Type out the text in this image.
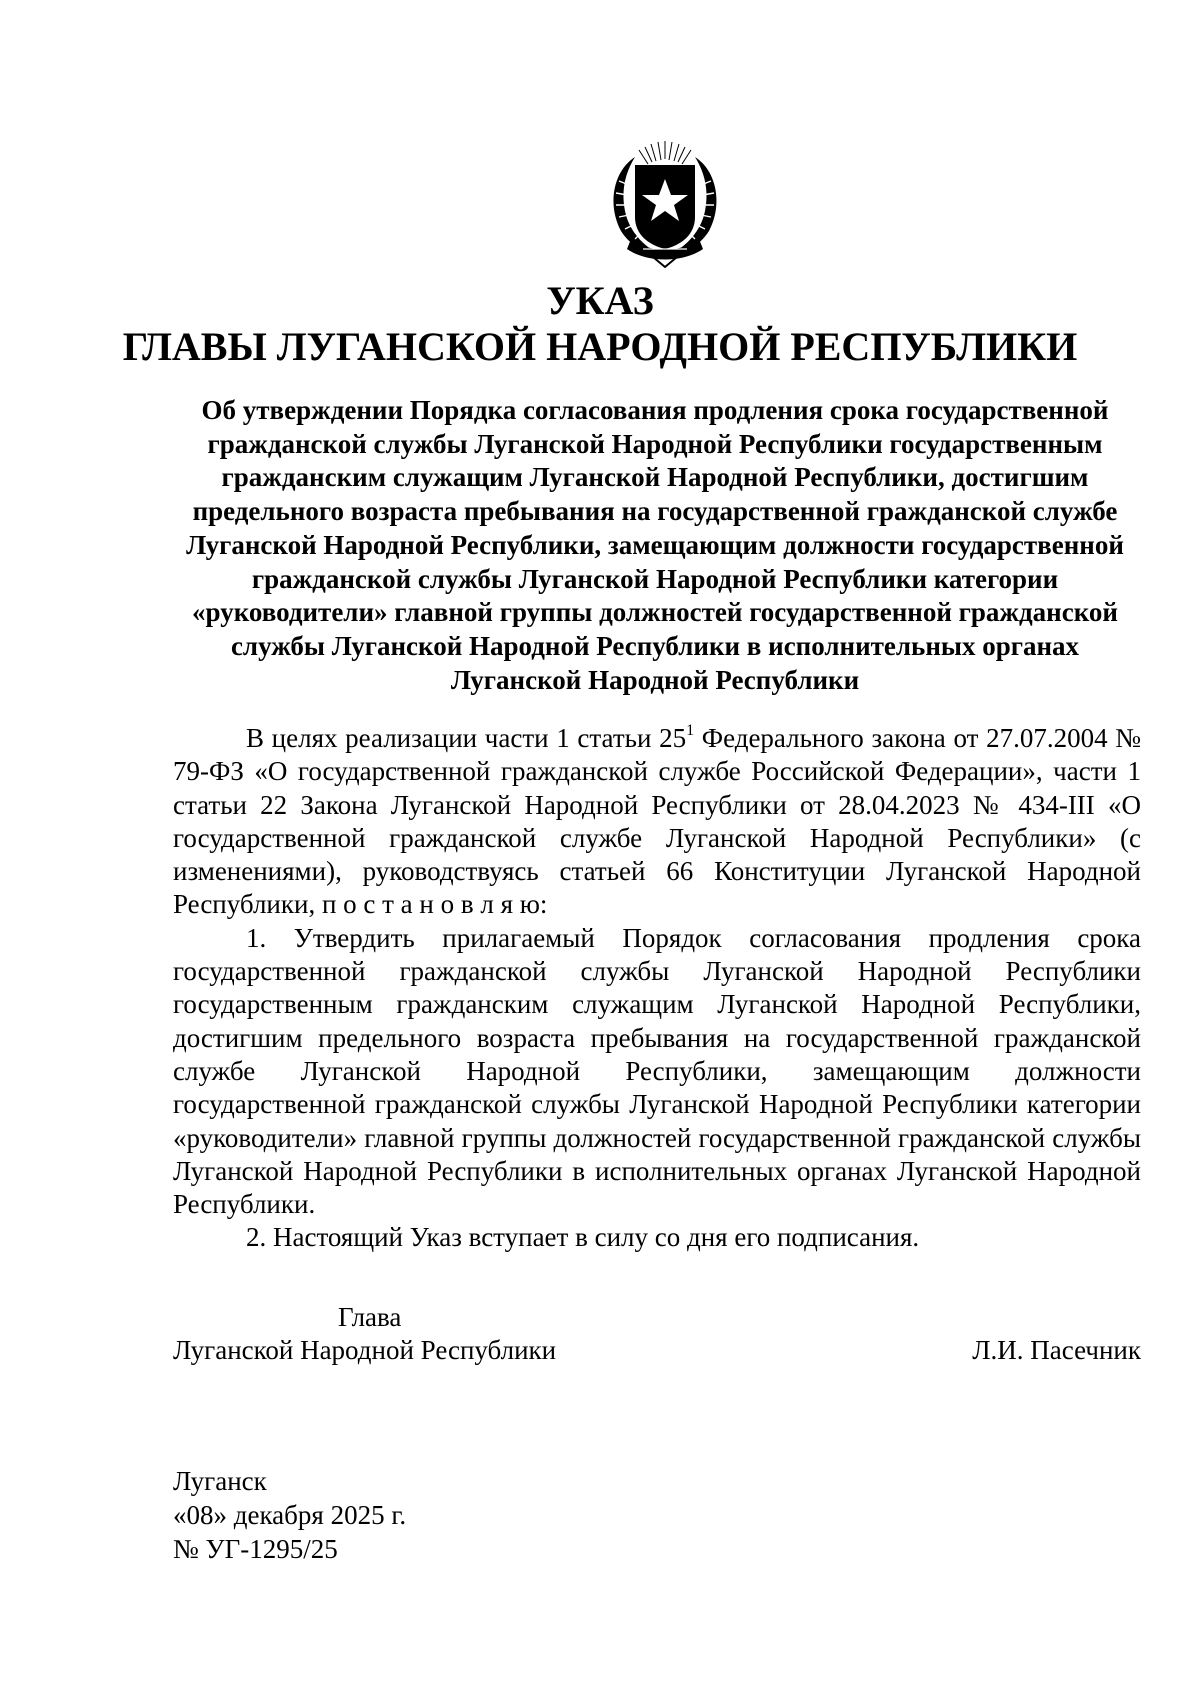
УКАЗ
ГЛАВЫ ЛУГАНСКОЙ НАРОДНОЙ РЕСПУБЛИКИ
Об утверждении Порядка согласования продления срока государственной гражданской службы Луганской Народной Республики государственным гражданским служащим Луганской Народной Республики, достигшим предельного возраста пребывания на государственной гражданской службе Луганской Народной Республики, замещающим должности государственной гражданской службы Луганской Народной Республики категории «руководители» главной группы должностей государственной гражданской службы Луганской Народной Республики в исполнительных органах Луганской Народной Республики

В целях реализации части 1 статьи $25^1$ Федерального закона от 27.07.2004 № 79-ФЗ «О государственной гражданской службе Российской Федерации», части 1 статьи 22 Закона Луганской Народной Республики от 28.04.2023 № 434-III «О государственной гражданской службе Луганской Народной Республики» (с изменениями), руководствуясь статьей 66 Конституции Луганской Народной Республики, п о с т а н о в л я ю:

1. Утвердить прилагаемый Порядок согласования продления срока государственной гражданской службы Луганской Народной Республики государственным гражданским служащим Луганской Народной Республики, достигшим предельного возраста пребывания на государственной гражданской службе Луганской Народной Республики, замещающим должности государственной гражданской службы Луганской Народной Республики категории «руководители» главной группы должностей государственной гражданской службы Луганской Народной Республики в исполнительных органах Луганской Народной Республики.

2. Настоящий Указ вступает в силу со дня его подписания.

Глава
Луганской Народной Республики	Л.И. Пасечник
Луганск
«08» декабря 2025 г.
№ УГ-1295/25
